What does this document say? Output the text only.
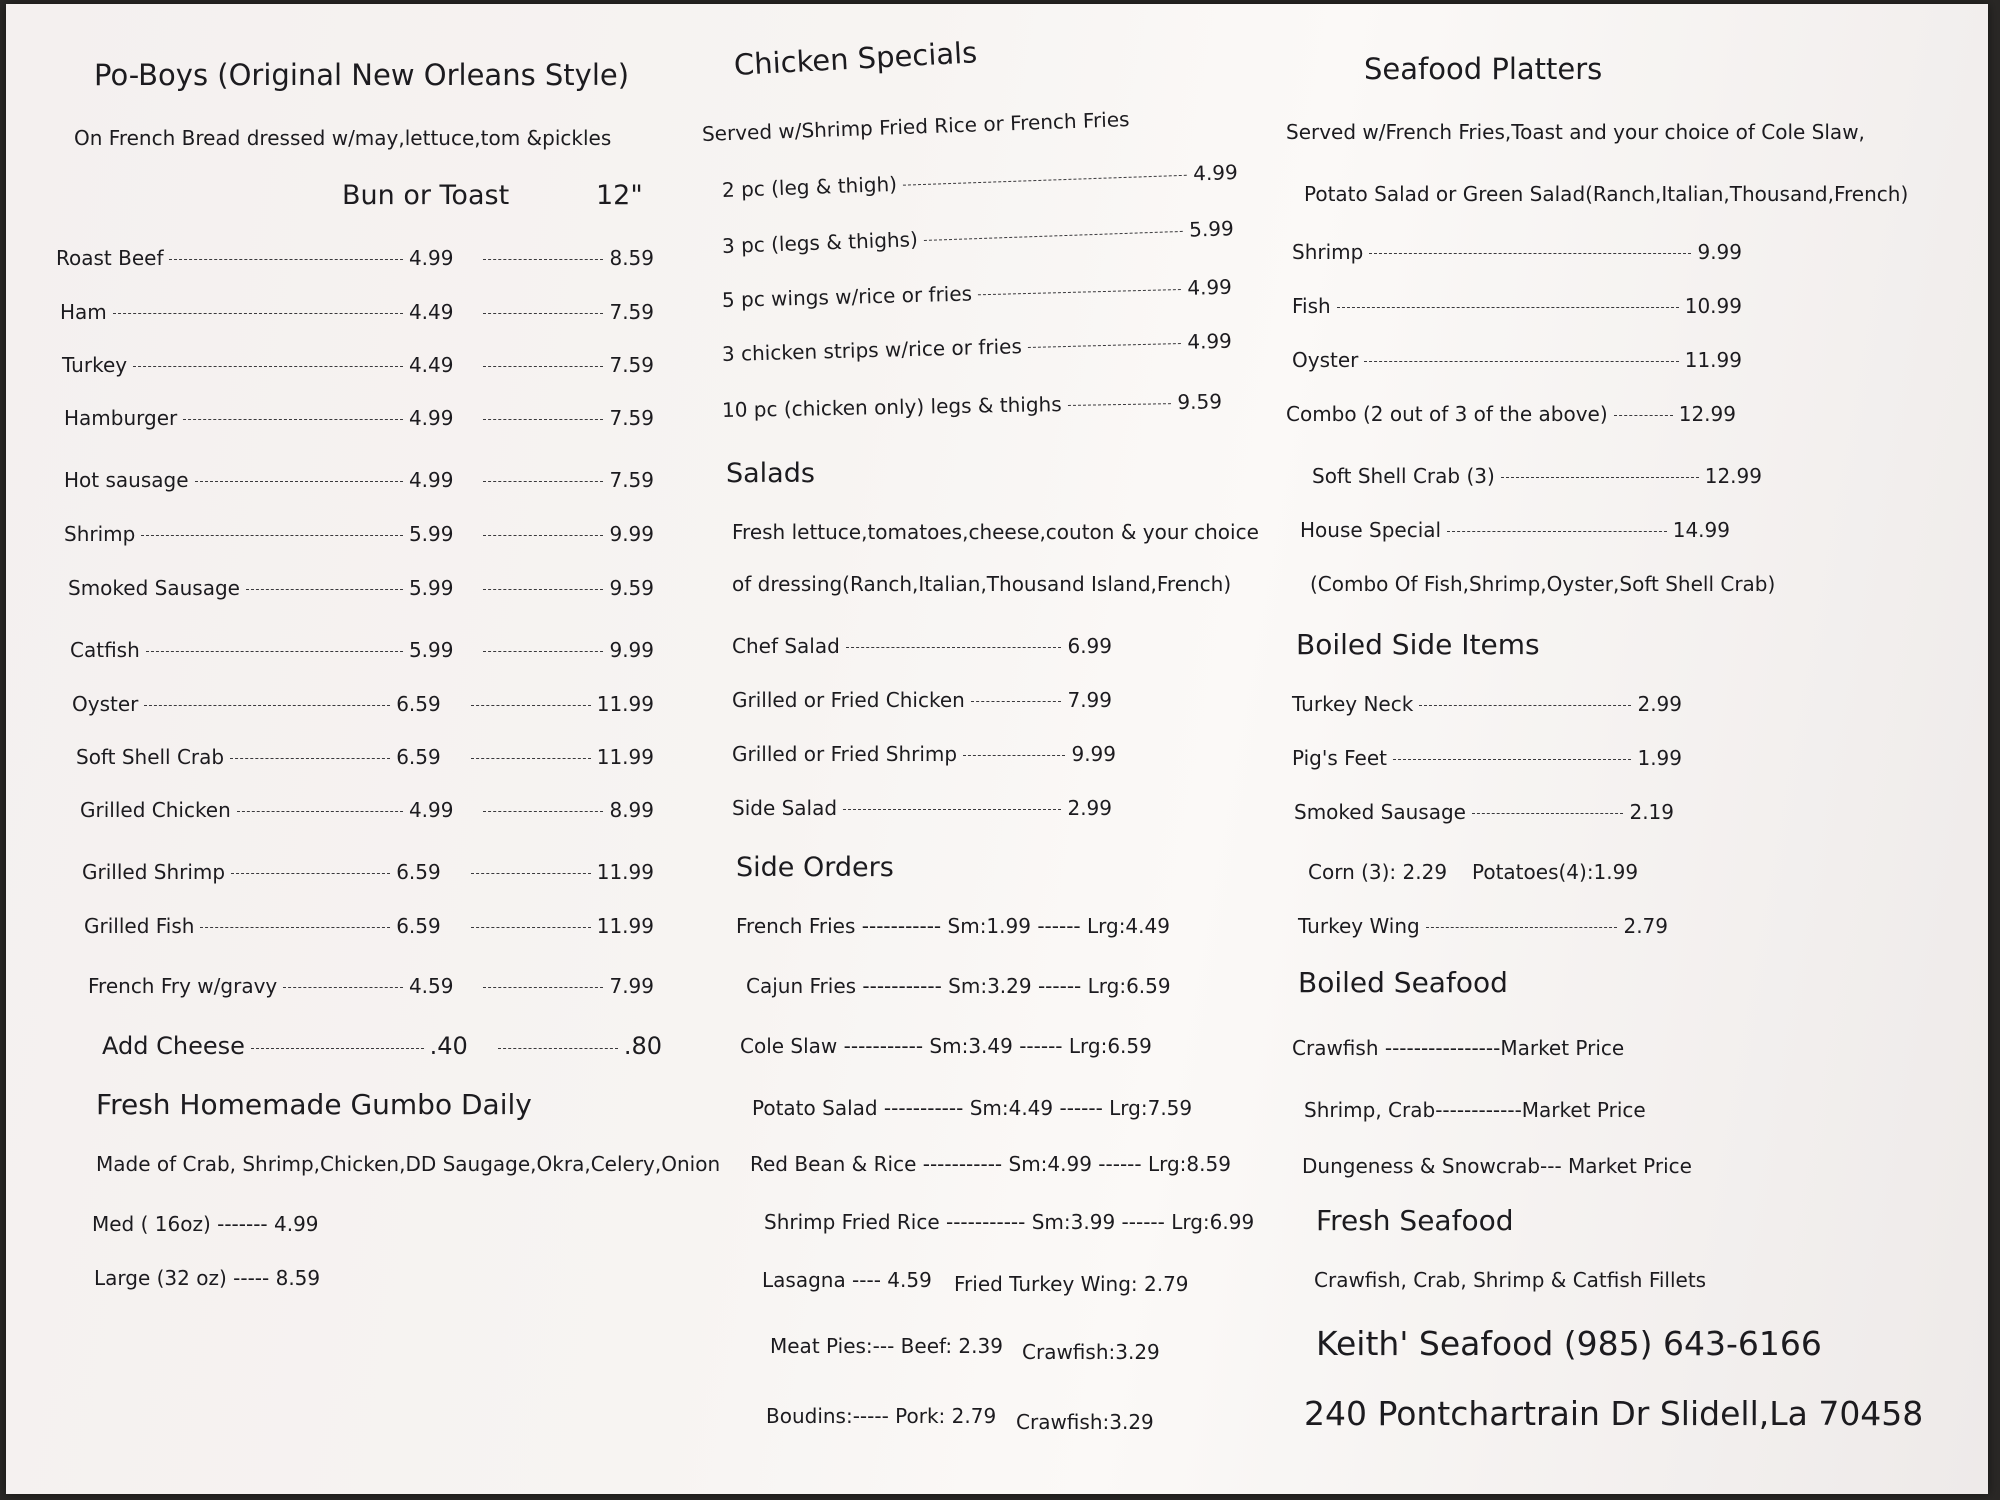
Po-Boys (Original New Orleans Style)
On French Bread dressed w/may,lettuce,tom &pickles
Bun or Toast	12"
Roast Beef	4.99	8.59
Ham	4.49	7.59
Turkey	4.49	7.59
Hamburger	4.99	7.59
Hot sausage	4.99	7.59
Shrimp	5.99	9.99
Smoked Sausage	5.99	9.59
Catfish	5.99	9.99
Oyster	6.59	11.99
Soft Shell Crab	6.59	11.99
Grilled Chicken	4.99	8.99
Grilled Shrimp	6.59	11.99
Grilled Fish	6.59	11.99
French Fry w/gravy	4.59	7.99
Add Cheese	.40	.80
Fresh Homemade Gumbo Daily
Made of Crab, Shrimp,Chicken,DD Saugage,Okra,Celery,Onion
Med ( 16oz) ------- 4.99
Large (32 oz) ----- 8.59
Chicken Specials
Served w/Shrimp Fried Rice or French Fries
2 pc (leg & thigh)	4.99
3 pc (legs & thighs)	5.99
5 pc wings w/rice or fries	4.99
3 chicken strips w/rice or fries	4.99
10 pc (chicken only) legs & thighs	9.59
Salads
Fresh lettuce,tomatoes,cheese,couton & your choice
of dressing(Ranch,Italian,Thousand Island,French)
Chef Salad	6.99
Grilled or Fried Chicken	7.99
Grilled or Fried Shrimp	9.99
Side Salad	2.99
Side Orders
French Fries ----------- Sm:1.99 ------ Lrg:4.49
Cajun Fries ----------- Sm:3.29 ------ Lrg:6.59
Cole Slaw ----------- Sm:3.49 ------ Lrg:6.59
Potato Salad ----------- Sm:4.49 ------ Lrg:7.59
Red Bean & Rice ----------- Sm:4.99 ------ Lrg:8.59
Shrimp Fried Rice ----------- Sm:3.99 ------ Lrg:6.99
Lasagna ---- 4.59 Fried Turkey Wing: 2.79
Meat Pies:--- Beef: 2.39 Crawfish:3.29
Boudins:----- Pork: 2.79 Crawfish:3.29
Seafood Platters
Served w/French Fries,Toast and your choice of Cole Slaw,
Potato Salad or Green Salad(Ranch,Italian,Thousand,French)
Shrimp	9.99
Fish	10.99
Oyster	11.99
Combo (2 out of 3 of the above)	12.99
Soft Shell Crab (3)	12.99
House Special	14.99
(Combo Of Fish,Shrimp,Oyster,Soft Shell Crab)
Boiled Side Items
Turkey Neck	2.99
Pig's Feet	1.99
Smoked Sausage	2.19
Corn (3): 2.29 Potatoes(4):1.99
Turkey Wing	2.79
Boiled Seafood
Crawfish ----------------Market Price
Shrimp, Crab------------Market Price
Dungeness & Snowcrab--- Market Price
Fresh Seafood
Crawfish, Crab, Shrimp & Catfish Fillets
Keith' Seafood (985) 643-6166
240 Pontchartrain Dr Slidell,La 70458
